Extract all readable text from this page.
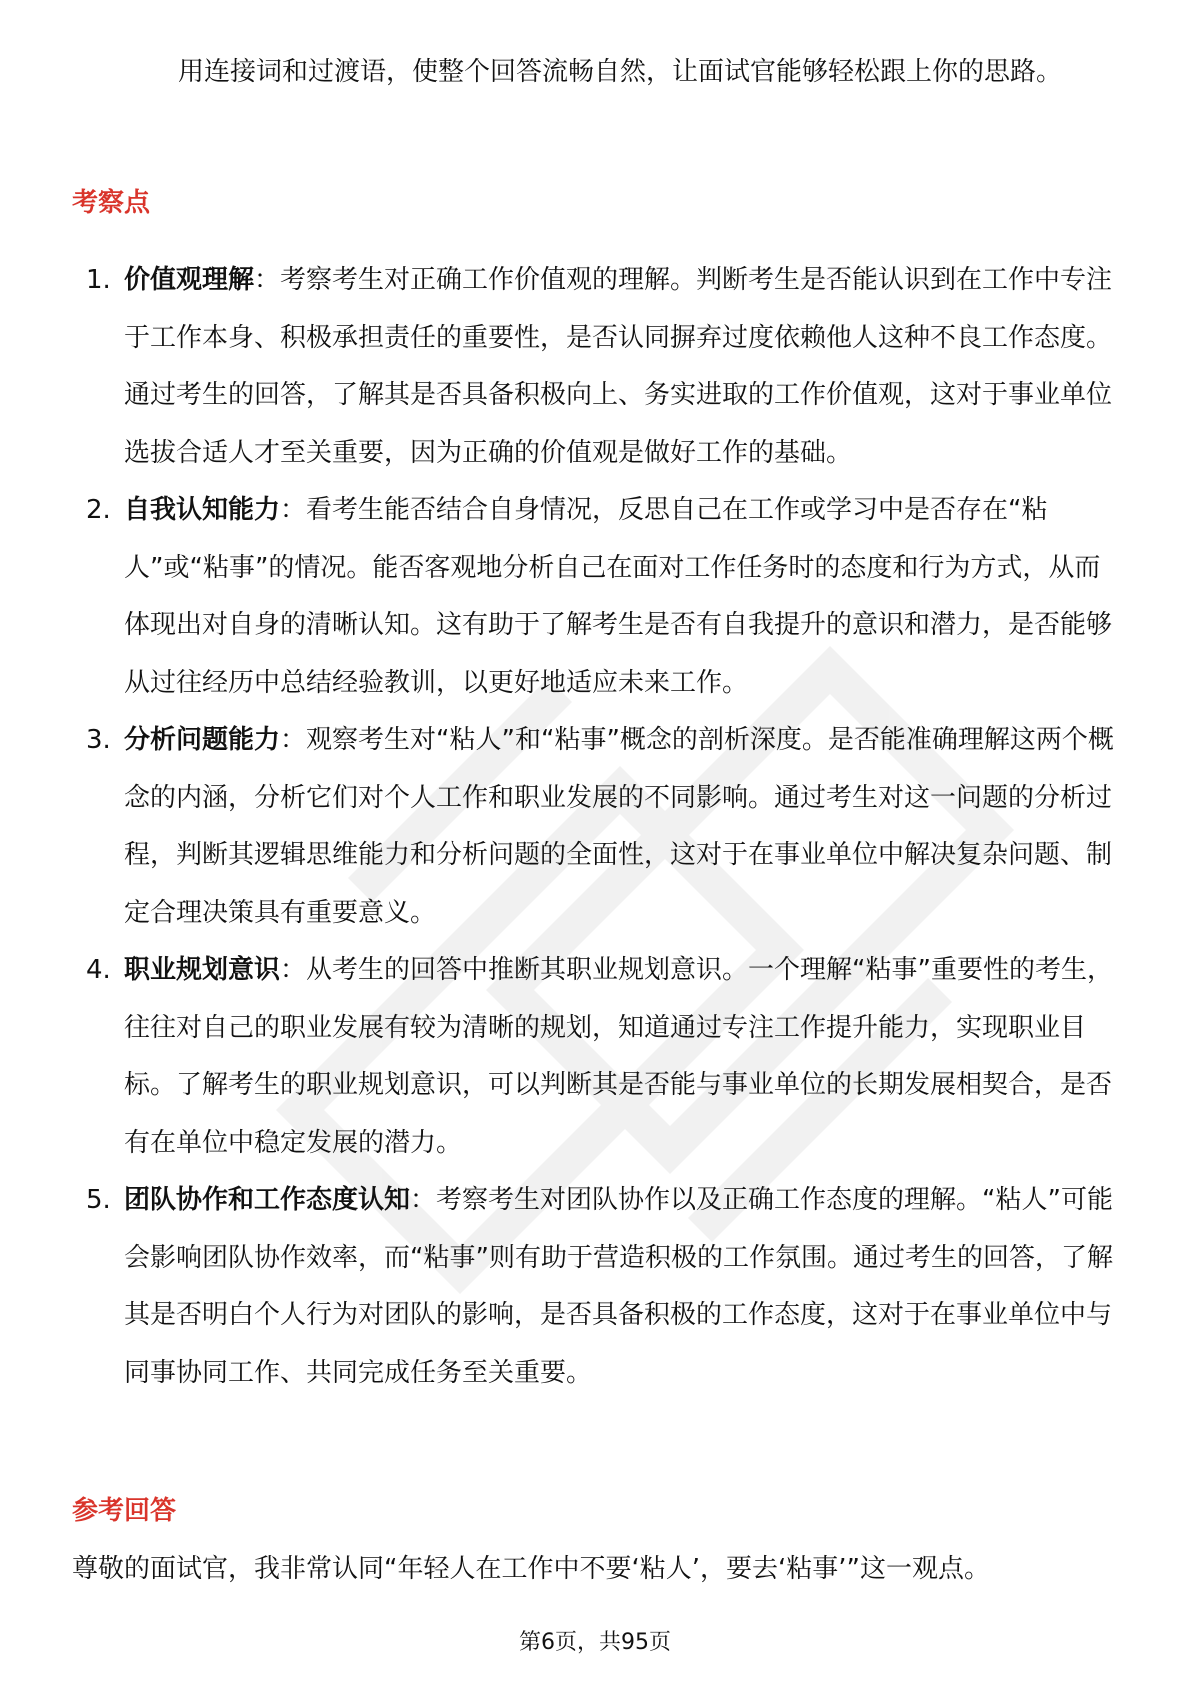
用连接词和过渡语，使整个回答流畅自然，让面试官能够轻松跟上你的思路。

考察点
1. 价值观理解：考察考生对正确工作价值观的理解。判断考生是否能认识到在工作中专注于工作本身、积极承担责任的重要性，是否认同摒弃过度依赖他人这种不良工作态度。通过考生的回答，了解其是否具备积极向上、务实进取的工作价值观，这对于事业单位选拔合适人才至关重要，因为正确的价值观是做好工作的基础。
2. 自我认知能力：看考生能否结合自身情况，反思自己在工作或学习中是否存在“粘人”或“粘事”的情况。能否客观地分析自己在面对工作任务时的态度和行为方式，从而体现出对自身的清晰认知。这有助于了解考生是否有自我提升的意识和潜力，是否能够从过往经历中总结经验教训，以更好地适应未来工作。
3. 分析问题能力：观察考生对“粘人”和“粘事”概念的剖析深度。是否能准确理解这两个概念的内涵，分析它们对个人工作和职业发展的不同影响。通过考生对这一问题的分析过程，判断其逻辑思维能力和分析问题的全面性，这对于在事业单位中解决复杂问题、制定合理决策具有重要意义。
4. 职业规划意识：从考生的回答中推断其职业规划意识。一个理解“粘事”重要性的考生，往往对自己的职业发展有较为清晰的规划，知道通过专注工作提升能力，实现职业目标。了解考生的职业规划意识，可以判断其是否能与事业单位的长期发展相契合，是否有在单位中稳定发展的潜力。
5. 团队协作和工作态度认知：考察考生对团队协作以及正确工作态度的理解。“粘人”可能会影响团队协作效率，而“粘事”则有助于营造积极的工作氛围。通过考生的回答，了解其是否明白个人行为对团队的影响，是否具备积极的工作态度，这对于在事业单位中与同事协同工作、共同完成任务至关重要。
参考回答

尊敬的面试官，我非常认同“年轻人在工作中不要‘粘人’，要去‘粘事’”这一观点。

第6页，共95页
